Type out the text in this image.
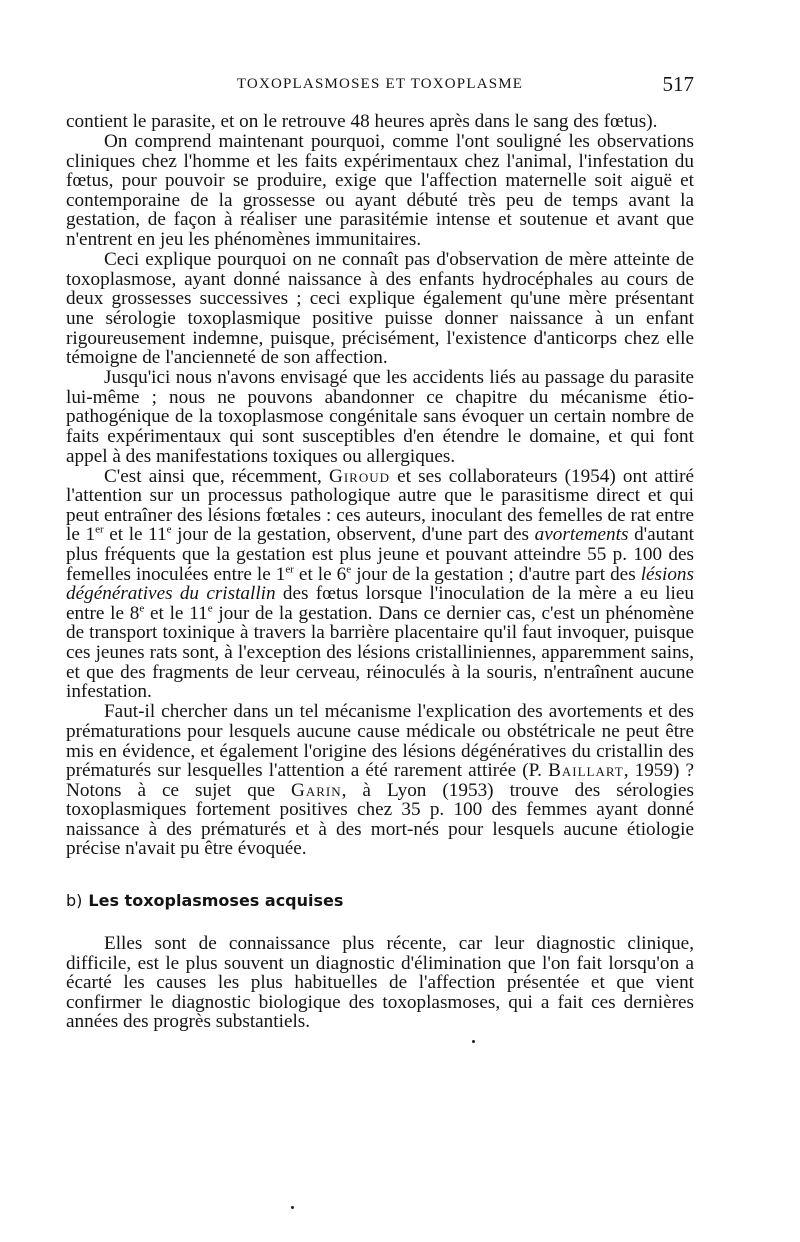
TOXOPLASMOSES ET TOXOPLASME	517

contient le parasite, et on le retrouve 48 heures après dans le sang des fœtus).

On comprend maintenant pourquoi, comme l'ont souligné les observations cliniques chez l'homme et les faits expérimentaux chez l'animal, l'infestation du fœtus, pour pouvoir se produire, exige que l'affection maternelle soit aiguë et contemporaine de la grossesse ou ayant débuté très peu de temps avant la gestation, de façon à réaliser une parasitémie intense et soutenue et avant que n'entrent en jeu les phénomènes immunitaires.

Ceci explique pourquoi on ne connaît pas d'observation de mère atteinte de toxoplasmose, ayant donné naissance à des enfants hydrocéphales au cours de deux grossesses successives ; ceci explique également qu'une mère présentant une sérologie toxoplasmique positive puisse donner naissance à un enfant rigoureusement indemne, puisque, précisément, l'existence d'anticorps chez elle témoigne de l'ancienneté de son affection.

Jusqu'ici nous n'avons envisagé que les accidents liés au passage du parasite lui-même ; nous ne pouvons abandonner ce chapitre du mécanisme étio-pathogénique de la toxoplasmose congénitale sans évoquer un certain nombre de faits expérimentaux qui sont susceptibles d'en étendre le domaine, et qui font appel à des manifestations toxiques ou allergiques.

C'est ainsi que, récemment, Giroud et ses collaborateurs (1954) ont attiré l'attention sur un processus pathologique autre que le parasitisme direct et qui peut entraîner des lésions fœtales : ces auteurs, inoculant des femelles de rat entre le 1er et le 11e jour de la gestation, observent, d'une part des avortements d'autant plus fréquents que la gestation est plus jeune et pouvant atteindre 55 p. 100 des femelles inoculées entre le 1er et le 6e jour de la gestation ; d'autre part des lésions dégénératives du cristallin des fœtus lorsque l'inoculation de la mère a eu lieu entre le 8e et le 11e jour de la gestation. Dans ce dernier cas, c'est un phénomène de transport toxinique à travers la barrière placentaire qu'il faut invoquer, puisque ces jeunes rats sont, à l'exception des lésions cristalliniennes, apparemment sains, et que des fragments de leur cerveau, réinoculés à la souris, n'entraînent aucune infestation.

Faut-il chercher dans un tel mécanisme l'explication des avortements et des prématurations pour lesquels aucune cause médicale ou obstétricale ne peut être mis en évidence, et également l'origine des lésions dégénératives du cristallin des prématurés sur lesquelles l'attention a été rarement attirée (P. Baillart, 1959) ? Notons à ce sujet que Garin, à Lyon (1953) trouve des sérologies toxoplasmiques fortement positives chez 35 p. 100 des femmes ayant donné naissance à des prématurés et à des mort-nés pour lesquels aucune étiologie précise n'avait pu être évoquée.

b) Les toxoplasmoses acquises

Elles sont de connaissance plus récente, car leur diagnostic clinique, difficile, est le plus souvent un diagnostic d'élimination que l'on fait lorsqu'on a écarté les causes les plus habituelles de l'affection présentée et que vient confirmer le diagnostic biologique des toxoplasmoses, qui a fait ces dernières années des progrès substantiels.
